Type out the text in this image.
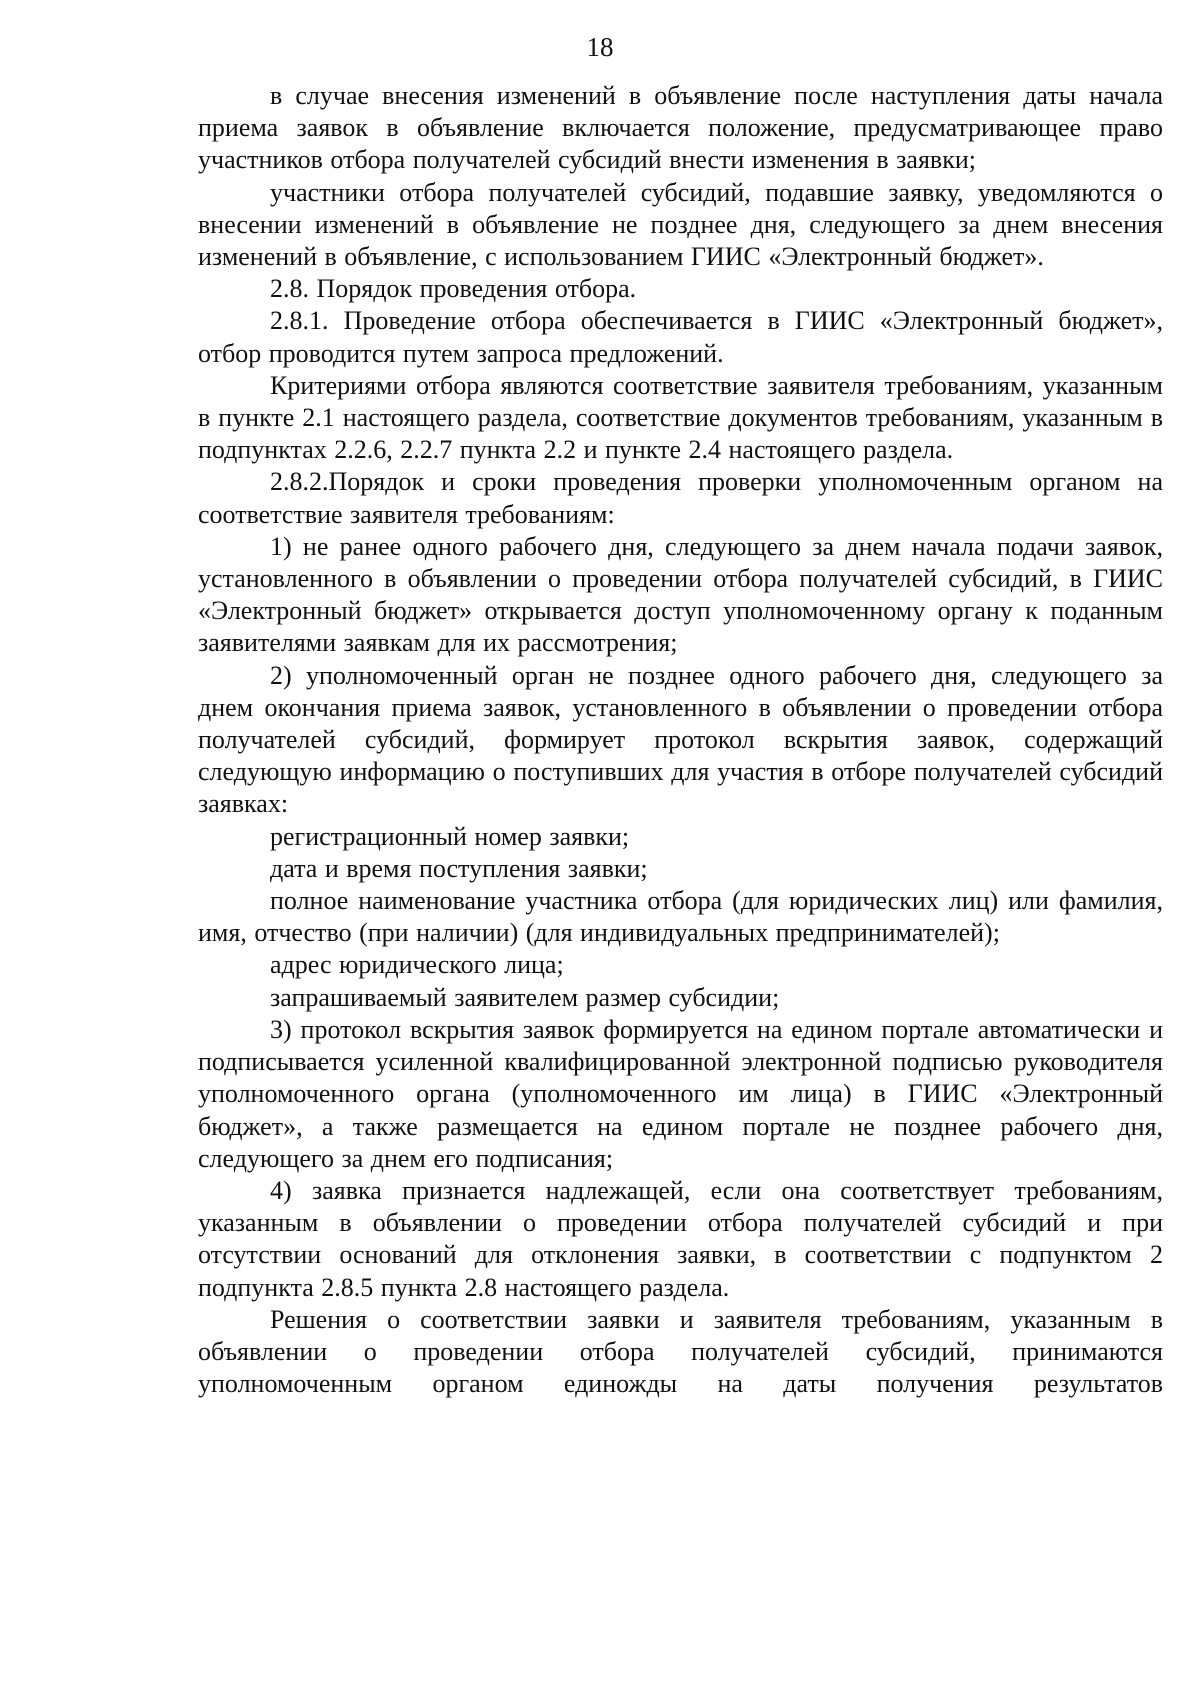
18

в случае внесения изменений в объявление после наступления даты начала приема заявок в объявление включается положение, предусматривающее право участников отбора получателей субсидий внести изменения в заявки;

участники отбора получателей субсидий, подавшие заявку, уведомляются о внесении изменений в объявление не позднее дня, следующего за днем внесения изменений в объявление, с использованием ГИИС «Электронный бюджет».

2.8. Порядок проведения отбора.

2.8.1. Проведение отбора обеспечивается в ГИИС «Электронный бюджет», отбор проводится путем запроса предложений.

Критериями отбора являются соответствие заявителя требованиям, указанным в пункте 2.1 настоящего раздела, соответствие документов требованиям, указанным в подпунктах 2.2.6, 2.2.7 пункта 2.2 и пункте 2.4 настоящего раздела.

2.8.2.Порядок и сроки проведения проверки уполномоченным органом на соответствие заявителя требованиям:

1) не ранее одного рабочего дня, следующего за днем начала подачи заявок, установленного в объявлении о проведении отбора получателей субсидий, в ГИИС «Электронный бюджет» открывается доступ уполномоченному органу к поданным заявителями заявкам для их рассмотрения;

2) уполномоченный орган не позднее одного рабочего дня, следующего за днем окончания приема заявок, установленного в объявлении о проведении отбора получателей субсидий, формирует протокол вскрытия заявок, содержащий следующую информацию о поступивших для участия в отборе получателей субсидий заявках:

регистрационный номер заявки;

дата и время поступления заявки;

полное наименование участника отбора (для юридических лиц) или фамилия, имя, отчество (при наличии) (для индивидуальных предпринимателей);

адрес юридического лица;

запрашиваемый заявителем размер субсидии;

3) протокол вскрытия заявок формируется на едином портале автоматически и подписывается усиленной квалифицированной электронной подписью руководителя уполномоченного органа (уполномоченного им лица) в ГИИС «Электронный бюджет», а также размещается на едином портале не позднее рабочего дня, следующего за днем его подписания;

4) заявка признается надлежащей, если она соответствует требованиям, указанным в объявлении о проведении отбора получателей субсидий и при отсутствии оснований для отклонения заявки, в соответствии с подпунктом 2 подпункта 2.8.5 пункта 2.8 настоящего раздела.

Решения о соответствии заявки и заявителя требованиям, указанным в объявлении о проведении отбора получателей субсидий, принимаются уполномоченным органом единожды на даты получения результатов
